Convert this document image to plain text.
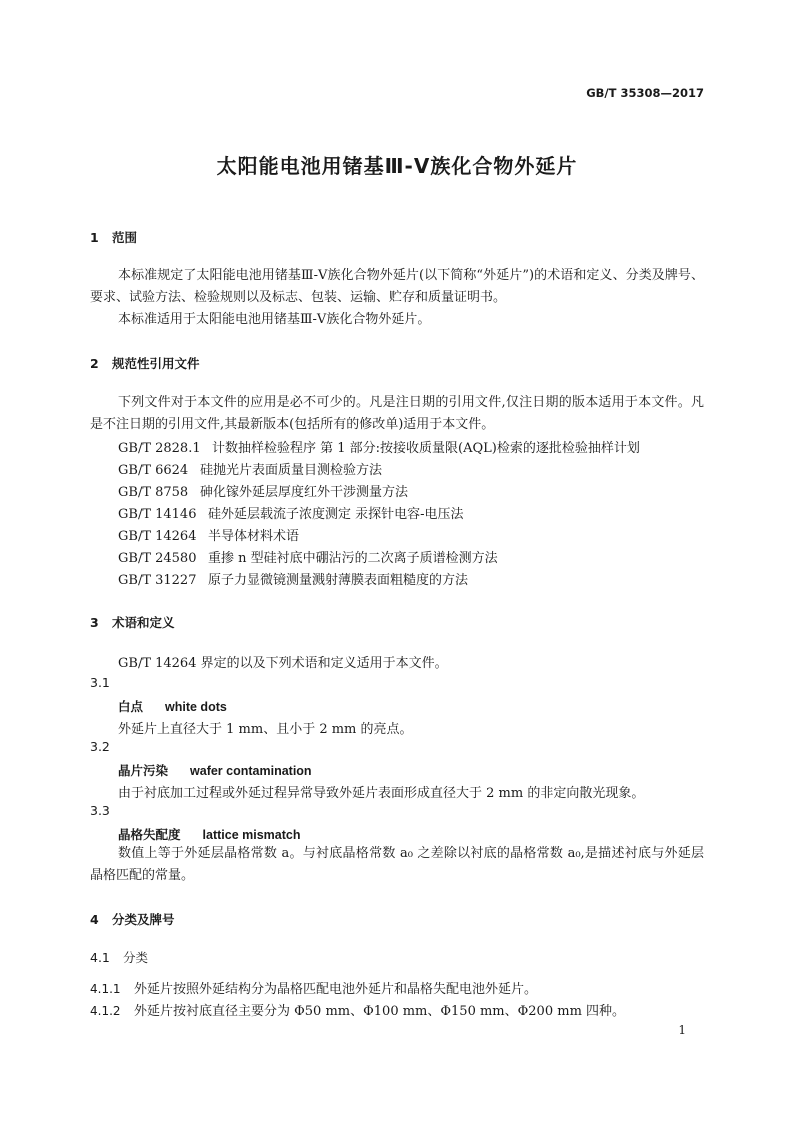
GB/T 35308—2017
太阳能电池用锗基Ⅲ-Ⅴ族化合物外延片
1 范围
本标准规定了太阳能电池用锗基Ⅲ-Ⅴ族化合物外延片(以下简称“外延片”)的术语和定义、分类及牌号、要求、试验方法、检验规则以及标志、包装、运输、贮存和质量证明书。
本标准适用于太阳能电池用锗基Ⅲ-Ⅴ族化合物外延片。
2 规范性引用文件
下列文件对于本文件的应用是必不可少的。凡是注日期的引用文件,仅注日期的版本适用于本文件。凡是不注日期的引用文件,其最新版本(包括所有的修改单)适用于本文件。
GB/T 2828.1 计数抽样检验程序 第 1 部分:按接收质量限(AQL)检索的逐批检验抽样计划
GB/T 6624 硅抛光片表面质量目测检验方法
GB/T 8758 砷化镓外延层厚度红外干涉测量方法
GB/T 14146 硅外延层载流子浓度测定 汞探针电容-电压法
GB/T 14264 半导体材料术语
GB/T 24580 重掺 n 型硅衬底中硼沾污的二次离子质谱检测方法
GB/T 31227 原子力显微镜测量溅射薄膜表面粗糙度的方法
3 术语和定义
GB/T 14264 界定的以及下列术语和定义适用于本文件。
3.1
白点 white dots
外延片上直径大于 1 mm、且小于 2 mm 的亮点。
3.2
晶片污染 wafer contamination
由于衬底加工过程或外延过程异常导致外延片表面形成直径大于 2 mm 的非定向散光现象。
3.3
晶格失配度 lattice mismatch
数值上等于外延层晶格常数 a。与衬底晶格常数 a₀ 之差除以衬底的晶格常数 a₀,是描述衬底与外延层晶格匹配的常量。
4 分类及牌号
4.1 分类
4.1.1 外延片按照外延结构分为晶格匹配电池外延片和晶格失配电池外延片。
4.1.2 外延片按衬底直径主要分为 Φ50 mm、Φ100 mm、Φ150 mm、Φ200 mm 四种。
1
